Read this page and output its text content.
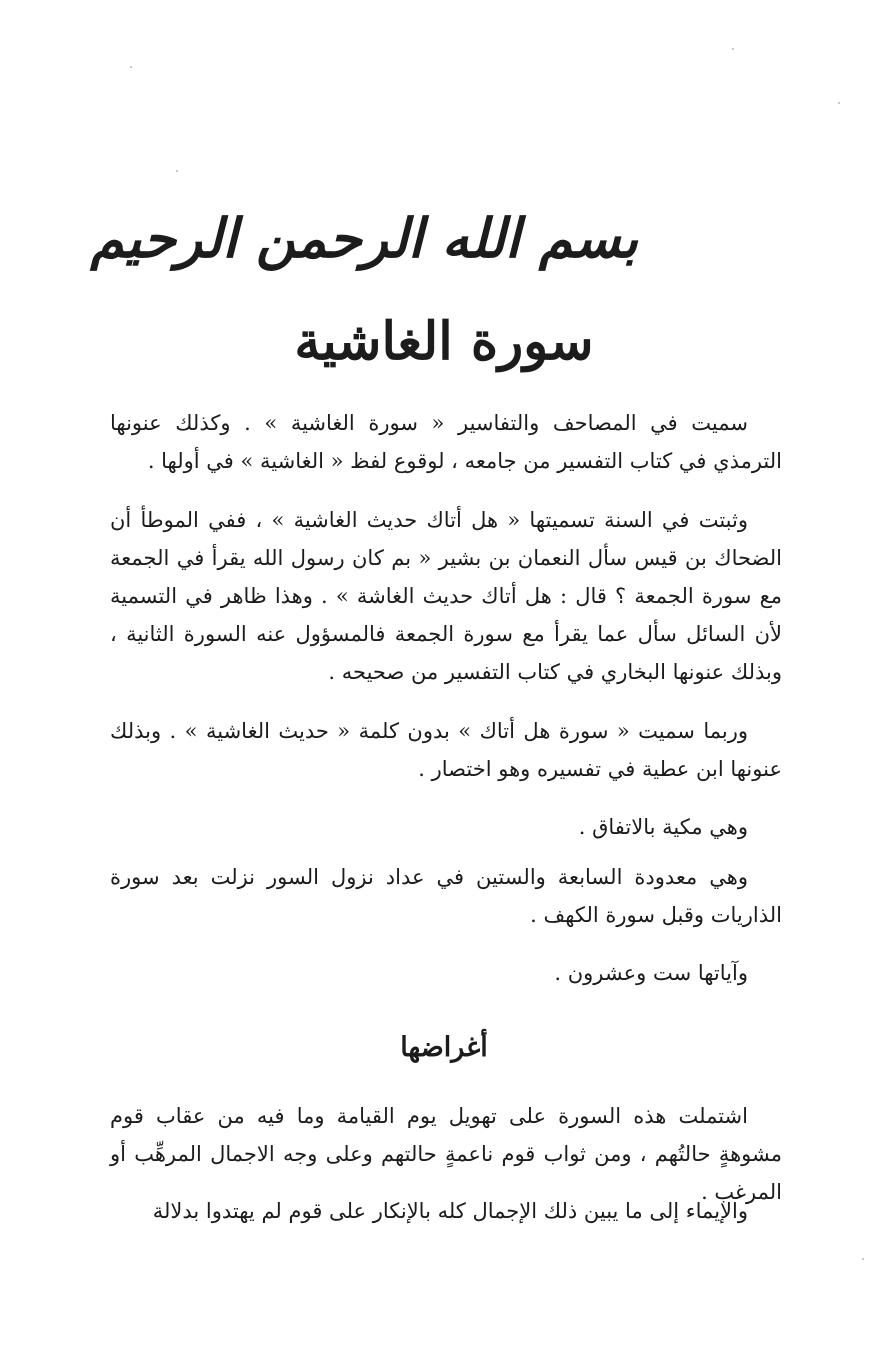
بسم الله الرحمن الرحيم
سورة الغاشية

سميت في المصاحف والتفاسير « سورة الغاشية » . وكذلك عنونها الترمذي في كتاب التفسير من جامعه ، لوقوع لفظ « الغاشية » في أولها .

وثبتت في السنة تسميتها « هل أتاك حديث الغاشية » ، ففي الموطأ أن الضحاك بن قيس سأل النعمان بن بشير « بم كان رسول الله يقرأ في الجمعة مع سورة الجمعة ؟ قال : هل أتاك حديث الغاشة » . وهذا ظاهر في التسمية لأن السائل سأل عما يقرأ مع سورة الجمعة فالمسؤول عنه السورة الثانية ، وبذلك عنونها البخاري في كتاب التفسير من صحيحه .

وربما سميت « سورة هل أتاك » بدون كلمة « حديث الغاشية » . وبذلك عنونها ابن عطية في تفسيره وهو اختصار .

وهي مكية بالاتفاق .

وهي معدودة السابعة والستين في عداد نزول السور نزلت بعد سورة الذاريات وقبل سورة الكهف .

وآياتها ست وعشرون .

أغراضها

اشتملت هذه السورة على تهويل يوم القيامة وما فيه من عقاب قوم مشوهةٍ حالتُهم ، ومن ثواب قوم ناعمةٍ حالتهم وعلى وجه الاجمال المرهِّب أو المرغب .

والإيماء إلى ما يبين ذلك الإجمال كله بالإنكار على قوم لم يهتدوا بدلالة
